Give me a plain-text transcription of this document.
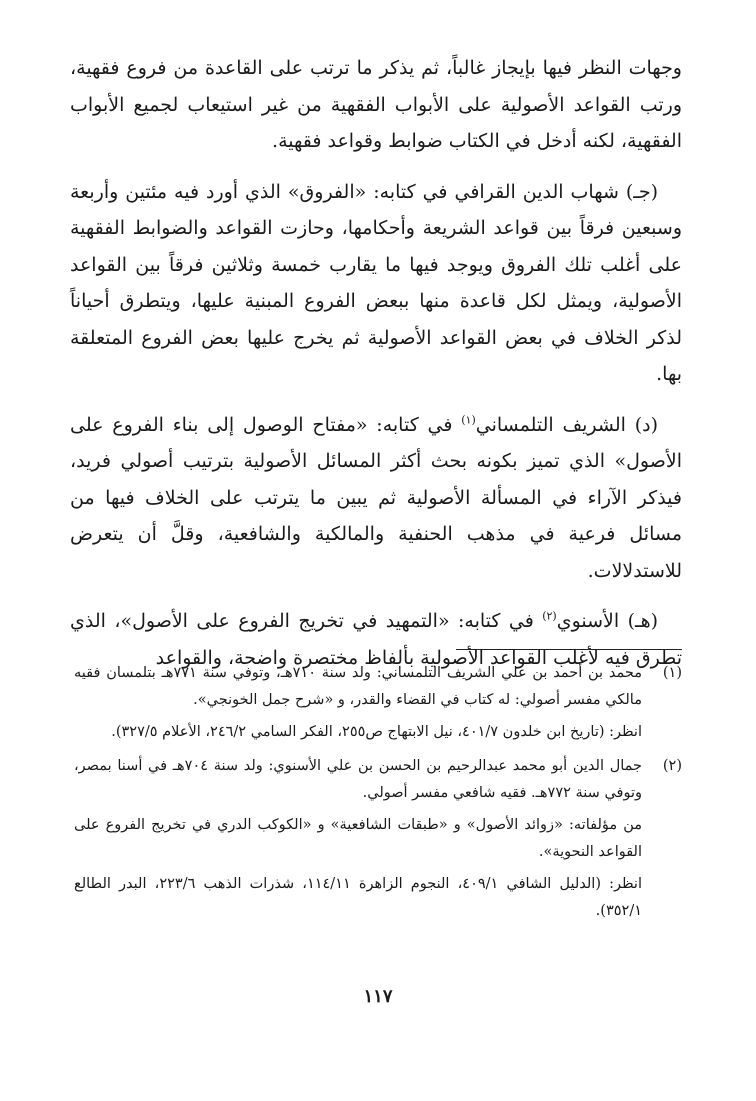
وجهات النظر فيها بإيجاز غالباً، ثم يذكر ما ترتب على القاعدة من فروع فقهية، ورتب القواعد الأصولية على الأبواب الفقهية من غير استيعاب لجميع الأبواب الفقهية، لكنه أدخل في الكتاب ضوابط وقواعد فقهية.

(جـ) شهاب الدين القرافي في كتابه: «الفروق» الذي أورد فيه مئتين وأربعة وسبعين فرقاً بين قواعد الشريعة وأحكامها، وحازت القواعد والضوابط الفقهية على أغلب تلك الفروق ويوجد فيها ما يقارب خمسة وثلاثين فرقاً بين القواعد الأصولية، ويمثل لكل قاعدة منها ببعض الفروع المبنية عليها، ويتطرق أحياناً لذكر الخلاف في بعض القواعد الأصولية ثم يخرج عليها بعض الفروع المتعلقة بها.

(د) الشريف التلمساني$^{(١)}$ في كتابه: «مفتاح الوصول إلى بناء الفروع على الأصول» الذي تميز بكونه بحث أكثر المسائل الأصولية بترتيب أصولي فريد، فيذكر الآراء في المسألة الأصولية ثم يبين ما يترتب على الخلاف فيها من مسائل فرعية في مذهب الحنفية والمالكية والشافعية، وقلَّ أن يتعرض للاستدلالات.

(هـ) الأسنوي$^{(٢)}$ في كتابه: «التمهيد في تخريج الفروع على الأصول»، الذي تطرق فيه لأغلب القواعد الأصولية بألفاظ مختصرة واضحة، والقواعد

(١)

محمد بن أحمد بن علي الشريف التلمساني: ولد سنة ٧١٠هـ، وتوفي سنة ٧٧١هـ بتلمسان فقيه مالكي مفسر أصولي: له كتاب في القضاء والقدر، و «شرح جمل الخونجي».

انظر: (تاريخ ابن خلدون ٤٠١/٧، نيل الابتهاج ص٢٥٥، الفكر السامي ٢٤٦/٢، الأعلام ٣٢٧/٥).

(٢)

جمال الدين أبو محمد عبدالرحيم بن الحسن بن علي الأسنوي: ولد سنة ٧٠٤هـ في أسنا بمصر، وتوفي سنة ٧٧٢هـ. فقيه شافعي مفسر أصولي.

من مؤلفاته: «زوائد الأصول» و «طبقات الشافعية» و «الكوكب الدري في تخريج الفروع على القواعد النحوية».

انظر: (الدليل الشافي ٤٠٩/١، النجوم الزاهرة ١١٤/١١، شذرات الذهب ٢٢٣/٦، البدر الطالع ٣٥٢/١).

١١٧
